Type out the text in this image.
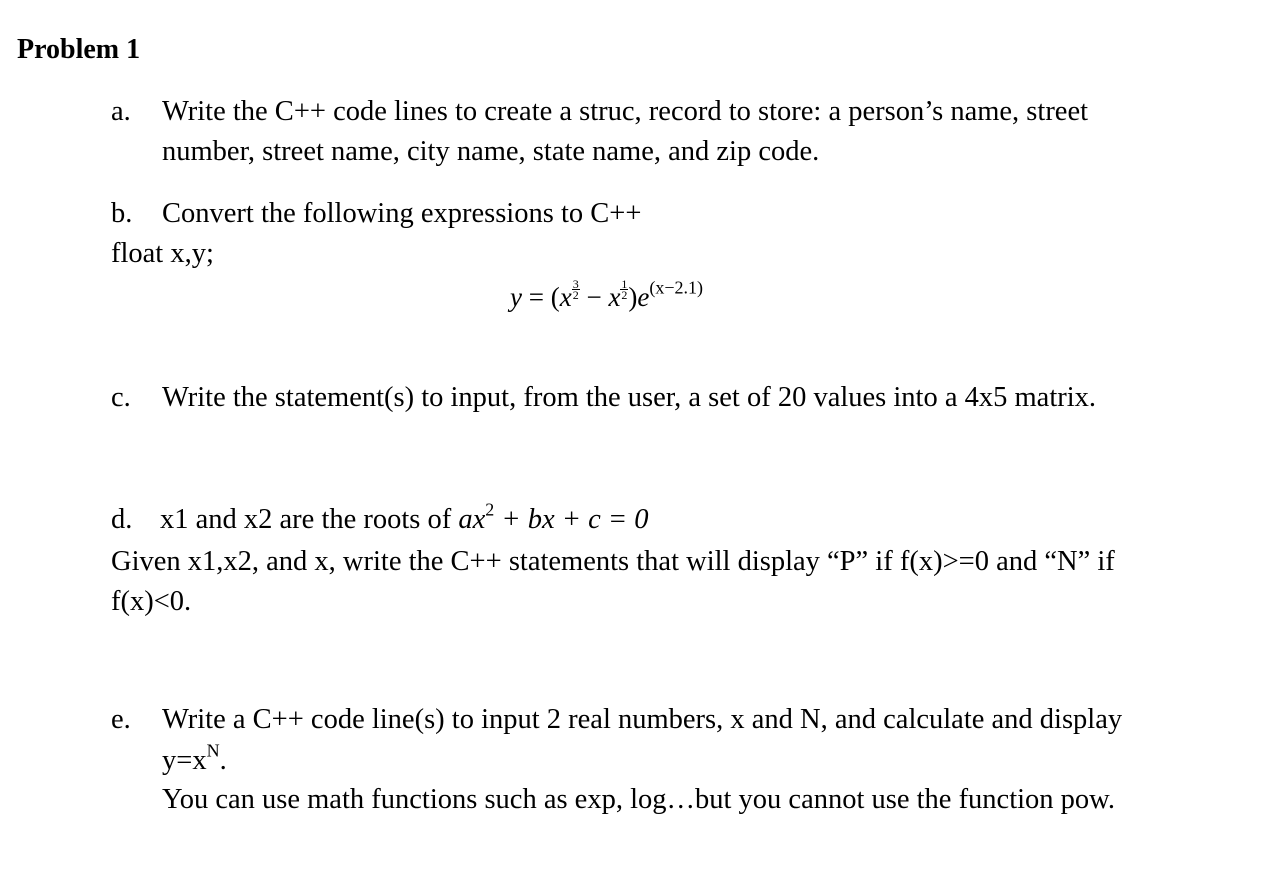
Problem 1
a. Write the C++ code lines to create a struc, record to store: a person’s name, street
number, street name, city name, state name, and zip code.
b. Convert the following expressions to C++
float x,y;
y = (x $^{\frac{3}{2}}$ − x $^{\frac{1}{2}}$ )$e^{(x-2.1)}$
c. Write the statement(s) to input, from the user, a set of 20 values into a 4x5 matrix.
d. x1 and x2 are the roots of $ax^2$ + bx + c = 0
Given x1,x2, and x, write the C++ statements that will display “P” if f(x)>=0 and “N” if
f(x)<0.
e. Write a C++ code line(s) to input 2 real numbers, x and N, and calculate and display
$y=x^N$.
You can use math functions such as exp, log…but you cannot use the function pow.
